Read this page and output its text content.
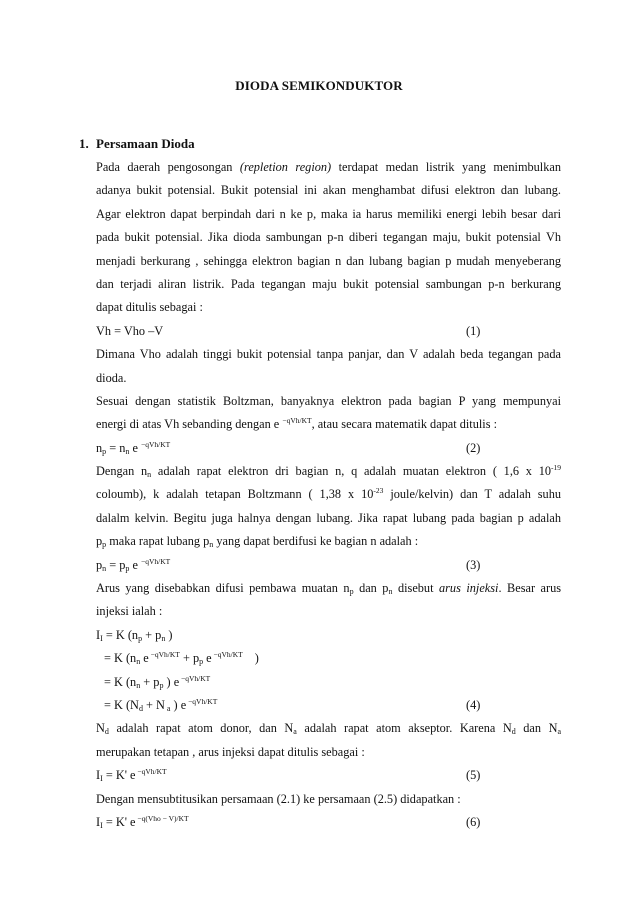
DIODA SEMIKONDUKTOR
1. Persamaan Dioda
Pada daerah pengosongan (repletion region) terdapat medan listrik yang menimbulkan
adanya bukit potensial. Bukit potensial ini akan menghambat difusi elektron dan lubang.
Agar elektron dapat berpindah dari n ke p, maka ia harus memiliki energi lebih besar dari
pada bukit potensial. Jika dioda sambungan p-n diberi tegangan maju, bukit potensial Vh
menjadi berkurang , sehingga elektron bagian n dan lubang bagian p mudah menyeberang
dan terjadi aliran listrik. Pada tegangan maju bukit potensial sambungan p-n berkurang
dapat ditulis sebagai :
Vh = Vho –V	(1)
Dimana Vho adalah tinggi bukit potensial tanpa panjar, dan V adalah beda tegangan pada
dioda.
Sesuai dengan statistik Boltzman, banyaknya elektron pada bagian P yang mempunyai
energi di atas Vh sebanding dengan e $^{-qVh/KT}$, atau secara matematik dapat ditulis :
$n_p = n_n$ e $^{-qVh/KT}$	(2)
Dengan $n_n$ adalah rapat elektron dri bagian n, q adalah muatan elektron ( 1,6 x $10^{-19}$
coloumb), k adalah tetapan Boltzmann ( 1,38 x $10^{-23}$ joule/kelvin) dan T adalah suhu
dalalm kelvin. Begitu juga halnya dengan lubang. Jika rapat lubang pada bagian p adalah
$p_p$ maka rapat lubang $p_n$ yang dapat berdifusi ke bagian n adalah :
$p_n = p_p$ e $^{-qVh/KT}$	(3)
Arus yang disebabkan difusi pembawa muatan $n_p$ dan $p_n$ disebut arus injeksi. Besar arus
injeksi ialah :
$I_I = K$ ($n_p + p_n$ )
= K ($n_n$ e $^{-qVh/KT} + p_p$ e $^{-qVh/KT}$ )
= K ($n_n + p_p$ ) e $^{-qVh/KT}$
= K ($N_d + N$ $_a$ ) e $^{-qVh/KT}$	(4)
$N_d$ adalah rapat atom donor, dan $N_a$ adalah rapat atom akseptor. Karena $N_d$ dan $N_a$
merupakan tetapan , arus injeksi dapat ditulis sebagai :
$I_I = K'$ e $^{-qVh/KT}$	(5)
Dengan mensubtitusikan persamaan (2.1) ke persamaan (2.5) didapatkan :
$I_I = K'$ e $^{-q(Vho - V)/KT}$	(6)
